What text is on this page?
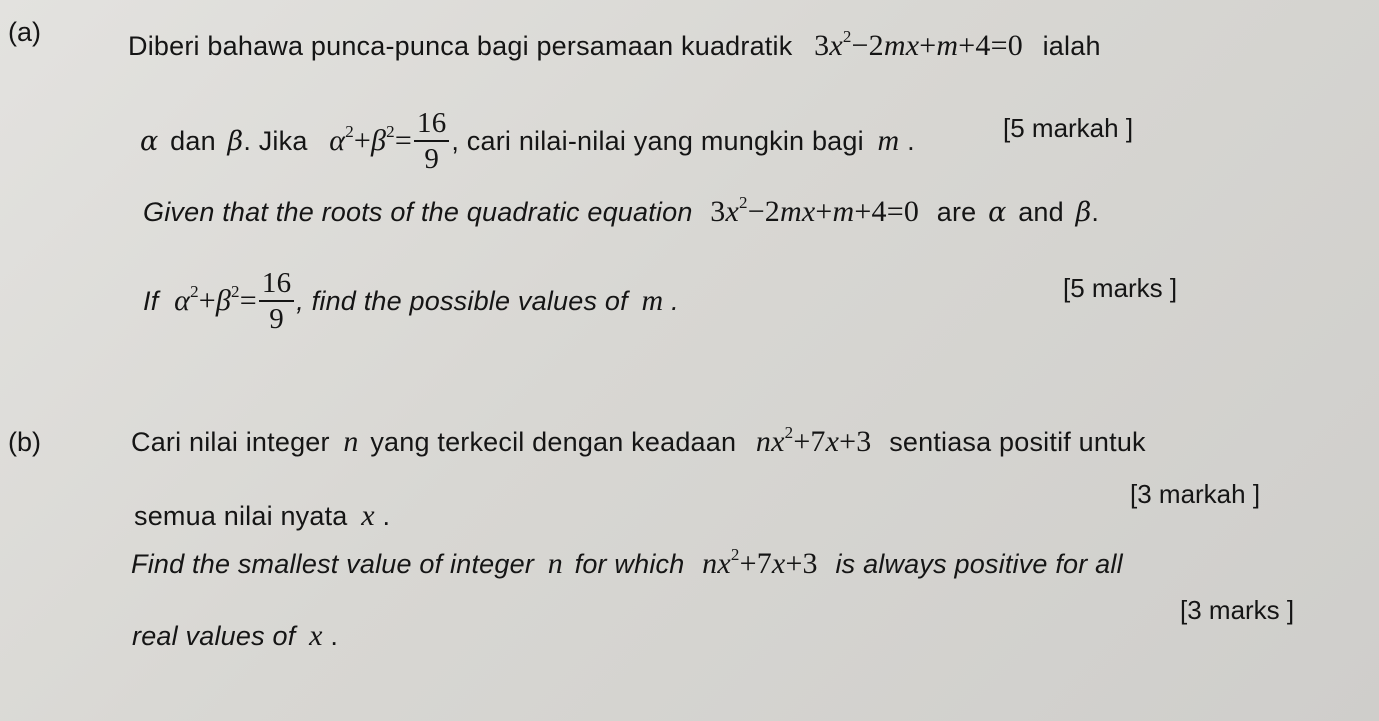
(a)	Diberi bahawa punca-punca bagi persamaan kuadratik $3x^2-2mx+m+4=0$ ialah
α dan β. Jika $\alpha^2+\beta^2= \frac{16}{9}$ , cari nilai-nilai yang mungkin bagi m .	[5 markah ]
Given that the roots of the quadratic equation $3x^2-2mx+m+4=0$ are α and β.
If $\alpha^2+\beta^2= \frac{16}{9}$ , find the possible values of m .	[5 marks ]
(b)	Cari nilai integer n yang terkecil dengan keadaan $nx^2+7x+3$ sentiasa positif untuk
semua nilai nyata x .
[3 markah ]
Find the smallest value of integer n for which $nx^2+7x+3$ is always positive for all
real values of x .
[3 marks ]
